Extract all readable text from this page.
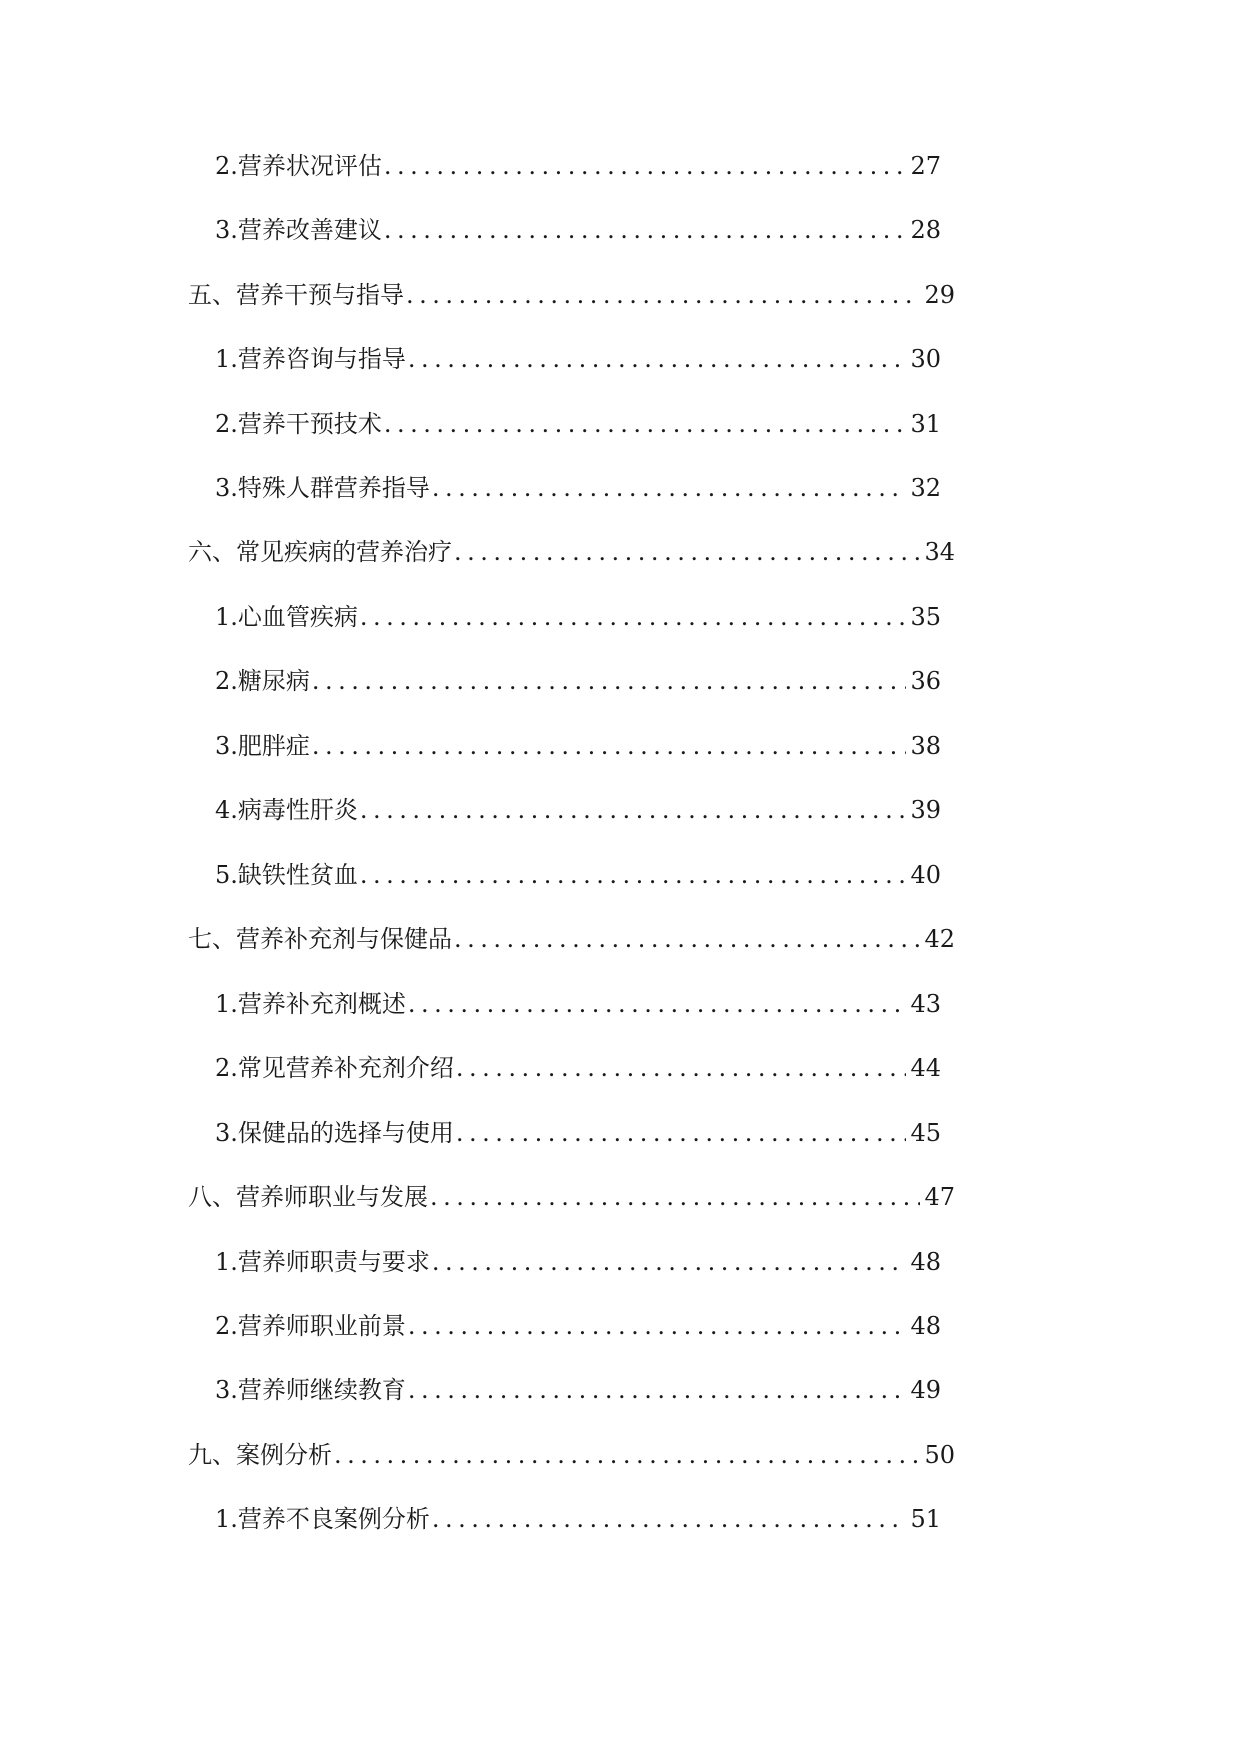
2. 营养状况评估 .....	27
3. 营养改善建议 .....	28
五、营养干预与指导 .....	29
1. 营养咨询与指导 .....	30
2. 营养干预技术 .....	31
3. 特殊人群营养指导 .....	32
六、常见疾病的营养治疗 .....	34
1. 心血管疾病 .....	35
2. 糖尿病 .....	36
3. 肥胖症 .....	38
4. 病毒性肝炎 .....	39
5. 缺铁性贫血 .....	40
七、营养补充剂与保健品 .....	42
1. 营养补充剂概述 .....	43
2. 常见营养补充剂介绍 .....	44
3. 保健品的选择与使用 .....	45
八、营养师职业与发展 .....	47
1. 营养师职责与要求 .....	48
2. 营养师职业前景 .....	48
3. 营养师继续教育 .....	49
九、案例分析 .....	50
1. 营养不良案例分析 .....	51
